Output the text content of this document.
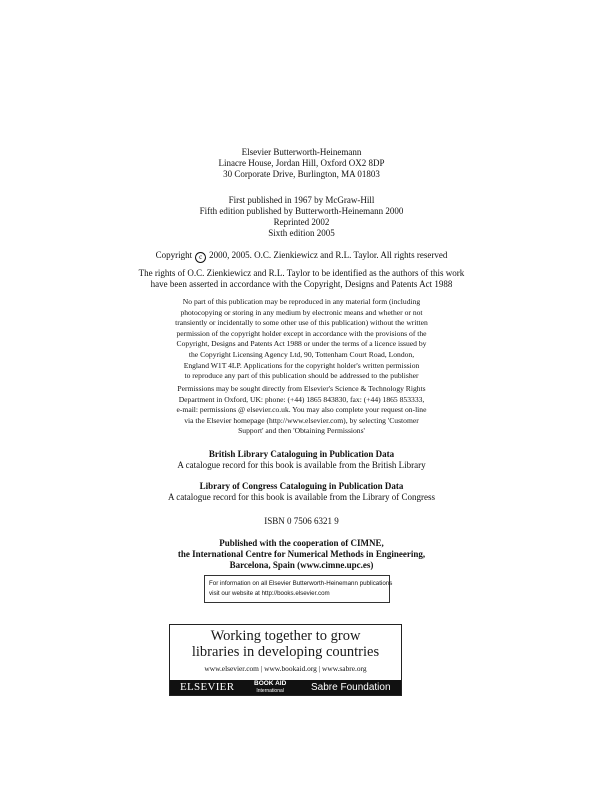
Elsevier Butterworth-Heinemann
Linacre House, Jordan Hill, Oxford OX2 8DP
30 Corporate Drive, Burlington, MA 01803
First published in 1967 by McGraw-Hill
Fifth edition published by Butterworth-Heinemann 2000
Reprinted 2002
Sixth edition 2005
Copyright c 2000, 2005. O.C. Zienkiewicz and R.L. Taylor. All rights reserved
The rights of O.C. Zienkiewicz and R.L. Taylor to be identified as the authors of this work
have been asserted in accordance with the Copyright, Designs and Patents Act 1988
No part of this publication may be reproduced in any material form (including
photocopying or storing in any medium by electronic means and whether or not
transiently or incidentally to some other use of this publication) without the written
permission of the copyright holder except in accordance with the provisions of the
Copyright, Designs and Patents Act 1988 or under the terms of a licence issued by
the Copyright Licensing Agency Ltd, 90, Tottenham Court Road, London,
England W1T 4LP. Applications for the copyright holder's written permission
to reproduce any part of this publication should be addressed to the publisher
Permissions may be sought directly from Elsevier's Science & Technology Rights
Department in Oxford, UK: phone: (+44) 1865 843830, fax: (+44) 1865 853333,
e-mail: permissions @ elsevier.co.uk. You may also complete your request on-line
via the Elsevier homepage (http://www.elsevier.com), by selecting 'Customer
Support' and then 'Obtaining Permissions'
British Library Cataloguing in Publication Data
A catalogue record for this book is available from the British Library
Library of Congress Cataloguing in Publication Data
A catalogue record for this book is available from the Library of Congress
ISBN 0 7506 6321 9
Published with the cooperation of CIMNE,
the International Centre for Numerical Methods in Engineering,
Barcelona, Spain (www.cimne.upc.es)
For information on all Elsevier Butterworth-Heinemann publications
visit our website at http://books.elsevier.com
Working together to grow
libraries in developing countries
www.elsevier.com | www.bookaid.org | www.sabre.org
ELSEVIER	BOOK AID
International	Sabre Foundation
